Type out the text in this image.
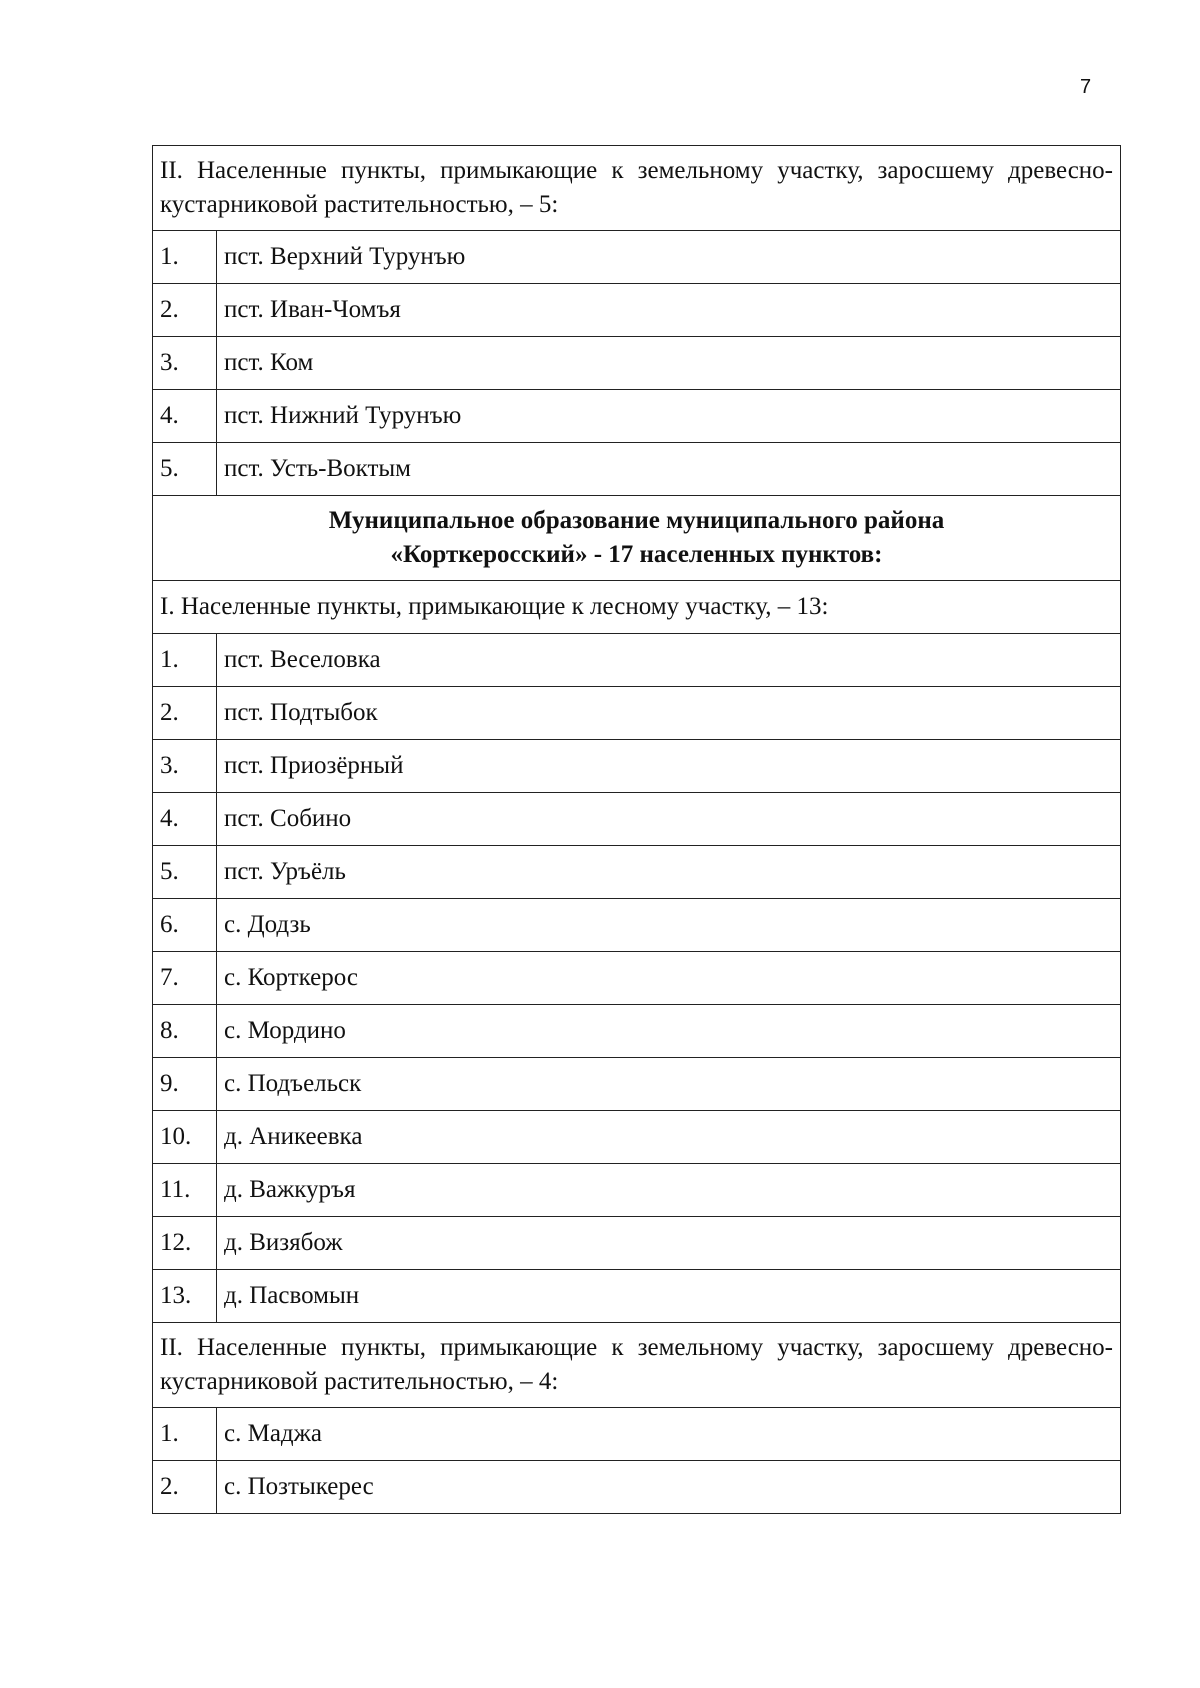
7
II. Населенные пункты, примыкающие к земельному участку, заросшему древесно-кустарниковой растительностью, – 5:	
1.	пст. Верхний Турунъю
2.	пст. Иван-Чомъя
3.	пст. Ком
4.	пст. Нижний Турунъю
5.	пст. Усть-Воктым

Муниципальное образование муниципального района
«Корткеросский» - 17 населенных пунктов:	

I. Населенные пункты, примыкающие к лесному участку, – 13:	
1.	пст. Веселовка
2.	пст. Подтыбок
3.	пст. Приозёрный
4.	пст. Собино
5.	пст. Уръёль
6.	с. Додзь
7.	с. Корткерос
8.	с. Мордино
9.	с. Подъельск
10.	д. Аникеевка
11.	д. Важкуръя
12.	д. Визябож
13.	д. Пасвомын
II. Населенные пункты, примыкающие к земельному участку, заросшему древесно-кустарниковой растительностью, – 4:	
1.	с. Маджа
2.	с. Позтыкерес
